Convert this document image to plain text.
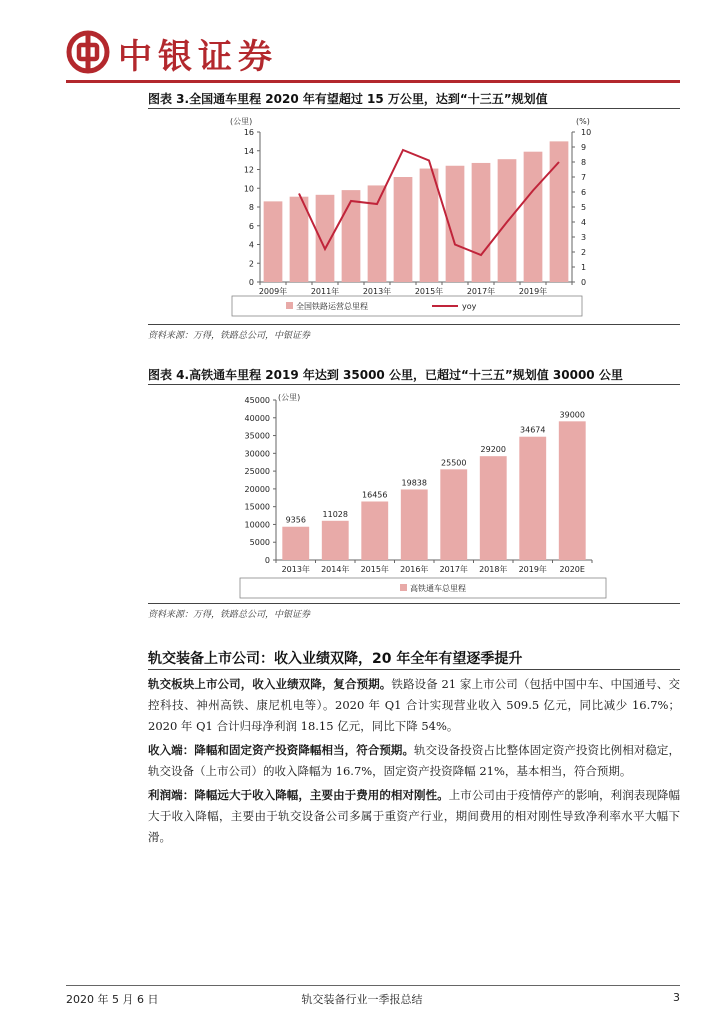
中银证券
图表 3.全国通车里程 2020 年有望超过 15 万公里，达到“十三五”规划值
(公里)	(%)
0
2
4
6
8
10
12
14
16
0
1
2
3
4
5
6
7
8
9
10
2009年	2011年	2013年	2015年	2017年	2019年
全国铁路运营总里程	yoy
资料来源：万得，铁路总公司，中银证券
图表 4.高铁通车里程 2019 年达到 35000 公里，已超过“十三五”规划值 30000 公里
(公里)
0
5000
10000
15000
20000
25000
30000
35000
40000
45000
9356
11028
16456
19838
25500
29200
34674
39000
2013年 2014年 2015年 2016年 2017年 2018年 2019年 2020E
高铁通车总里程
资料来源：万得，铁路总公司，中银证券
轨交装备上市公司：收入业绩双降，20 年全年有望逐季提升
轨交板块上市公司，收入业绩双降，复合预期。铁路设备 21 家上市公司（包括中国中车、中国通号、交控科技、神州高铁、康尼机电等）。2020 年 Q1 合计实现营业收入 509.5 亿元，同比减少 16.7%；2020 年 Q1 合计归母净利润 18.15 亿元，同比下降 54%。
收入端：降幅和固定资产投资降幅相当，符合预期。轨交设备投资占比整体固定资产投资比例相对稳定，轨交设备（上市公司）的收入降幅为 16.7%，固定资产投资降幅 21%，基本相当，符合预期。
利润端：降幅远大于收入降幅，主要由于费用的相对刚性。上市公司由于疫情停产的影响，利润表现降幅大于收入降幅，主要由于轨交设备公司多属于重资产行业，期间费用的相对刚性导致净利率水平大幅下滑。
2020 年 5 月 6 日	轨交装备行业一季报总结	3
